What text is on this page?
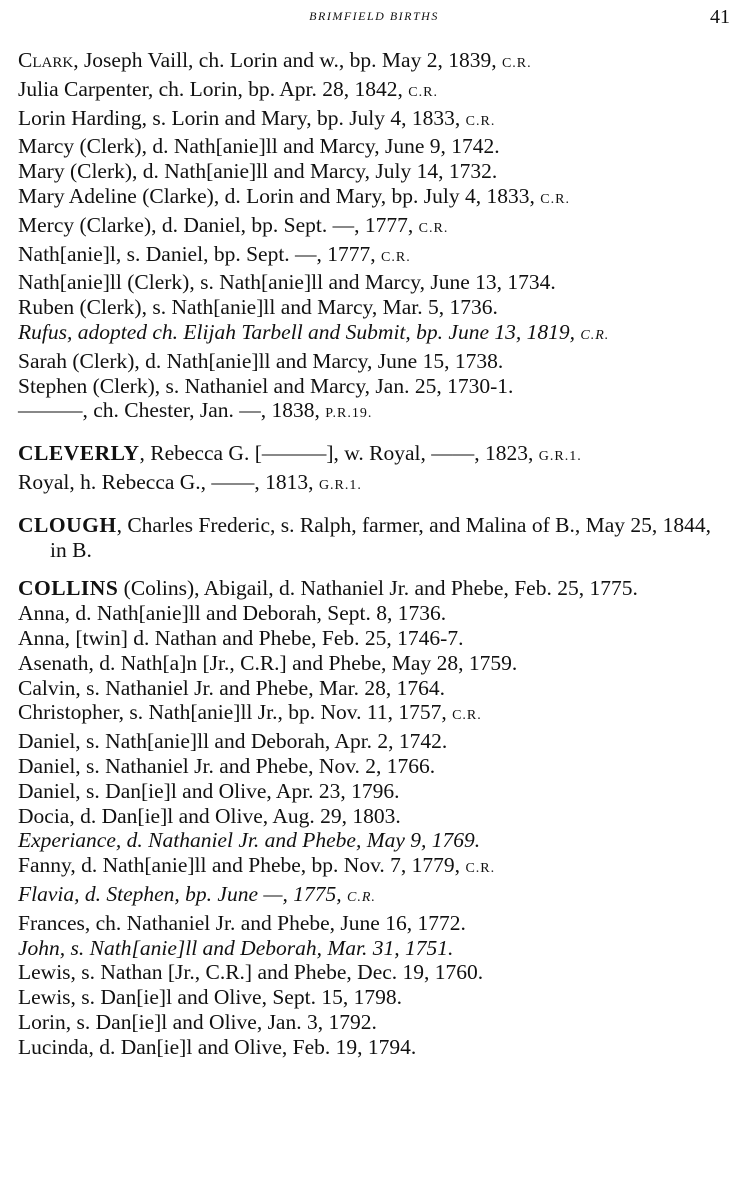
BRIMFIELD BIRTHS	41
Clark, Joseph Vaill, ch. Lorin and w., bp. May 2, 1839, C.R.
Julia Carpenter, ch. Lorin, bp. Apr. 28, 1842, C.R.
Lorin Harding, s. Lorin and Mary, bp. July 4, 1833, C.R.
Marcy (Clerk), d. Nath[anie]ll and Marcy, June 9, 1742.
Mary (Clerk), d. Nath[anie]ll and Marcy, July 14, 1732.
Mary Adeline (Clarke), d. Lorin and Mary, bp. July 4, 1833, C.R.
Mercy (Clarke), d. Daniel, bp. Sept. —, 1777, C.R.
Nath[anie]l, s. Daniel, bp. Sept. —, 1777, C.R.
Nath[anie]ll (Clerk), s. Nath[anie]ll and Marcy, June 13, 1734.
Ruben (Clerk), s. Nath[anie]ll and Marcy, Mar. 5, 1736.
Rufus, adopted ch. Elijah Tarbell and Submit, bp. June 13, 1819, C.R.
Sarah (Clerk), d. Nath[anie]ll and Marcy, June 15, 1738.
Stephen (Clerk), s. Nathaniel and Marcy, Jan. 25, 1730-1.
———, ch. Chester, Jan. —, 1838, P.R.19.
CLEVERLY, Rebecca G. [———], w. Royal, ——, 1823, G.R.1.
Royal, h. Rebecca G., ——, 1813, G.R.1.
CLOUGH, Charles Frederic, s. Ralph, farmer, and Malina of B., May 25, 1844, in B.
COLLINS (Colins), Abigail, d. Nathaniel Jr. and Phebe, Feb. 25, 1775.
Anna, d. Nath[anie]ll and Deborah, Sept. 8, 1736.
Anna, [twin] d. Nathan and Phebe, Feb. 25, 1746-7.
Asenath, d. Nath[a]n [Jr., C.R.] and Phebe, May 28, 1759.
Calvin, s. Nathaniel Jr. and Phebe, Mar. 28, 1764.
Christopher, s. Nath[anie]ll Jr., bp. Nov. 11, 1757, C.R.
Daniel, s. Nath[anie]ll and Deborah, Apr. 2, 1742.
Daniel, s. Nathaniel Jr. and Phebe, Nov. 2, 1766.
Daniel, s. Dan[ie]l and Olive, Apr. 23, 1796.
Docia, d. Dan[ie]l and Olive, Aug. 29, 1803.
Experiance, d. Nathaniel Jr. and Phebe, May 9, 1769.
Fanny, d. Nath[anie]ll and Phebe, bp. Nov. 7, 1779, C.R.
Flavia, d. Stephen, bp. June —, 1775, C.R.
Frances, ch. Nathaniel Jr. and Phebe, June 16, 1772.
John, s. Nath[anie]ll and Deborah, Mar. 31, 1751.
Lewis, s. Nathan [Jr., C.R.] and Phebe, Dec. 19, 1760.
Lewis, s. Dan[ie]l and Olive, Sept. 15, 1798.
Lorin, s. Dan[ie]l and Olive, Jan. 3, 1792.
Lucinda, d. Dan[ie]l and Olive, Feb. 19, 1794.
